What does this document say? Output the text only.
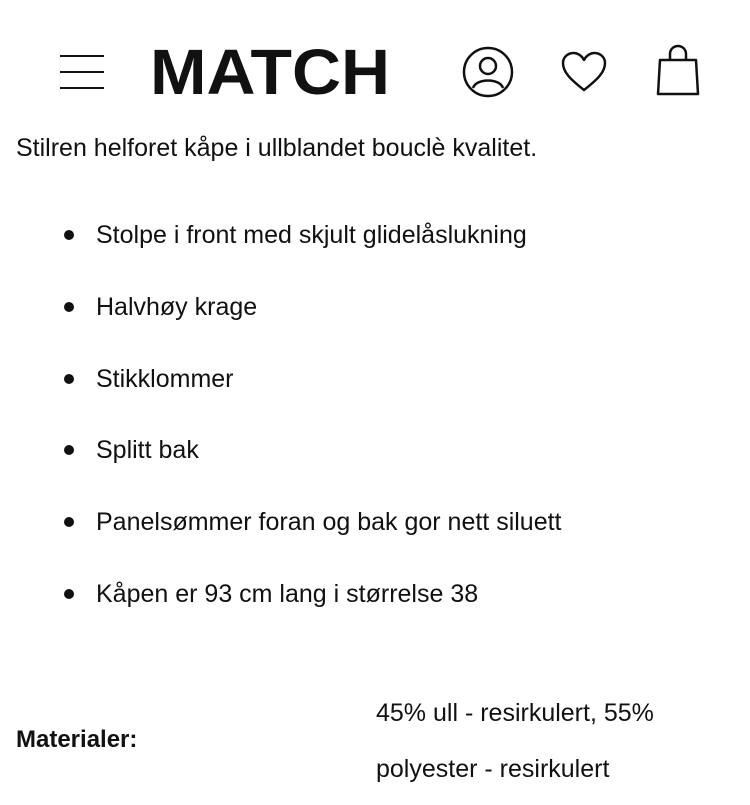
MATCH

Stilren helforet kåpe i ullblandet bouclè kvalitet.

Stolpe i front med skjult glidelåslukning
Halvhøy krage
Stikklommer
Splitt bak
Panelsømmer foran og bak gor nett siluett
Kåpen er 93 cm lang i størrelse 38
Materialer:
45% ull - resirkulert, 55% polyester - resirkulert
